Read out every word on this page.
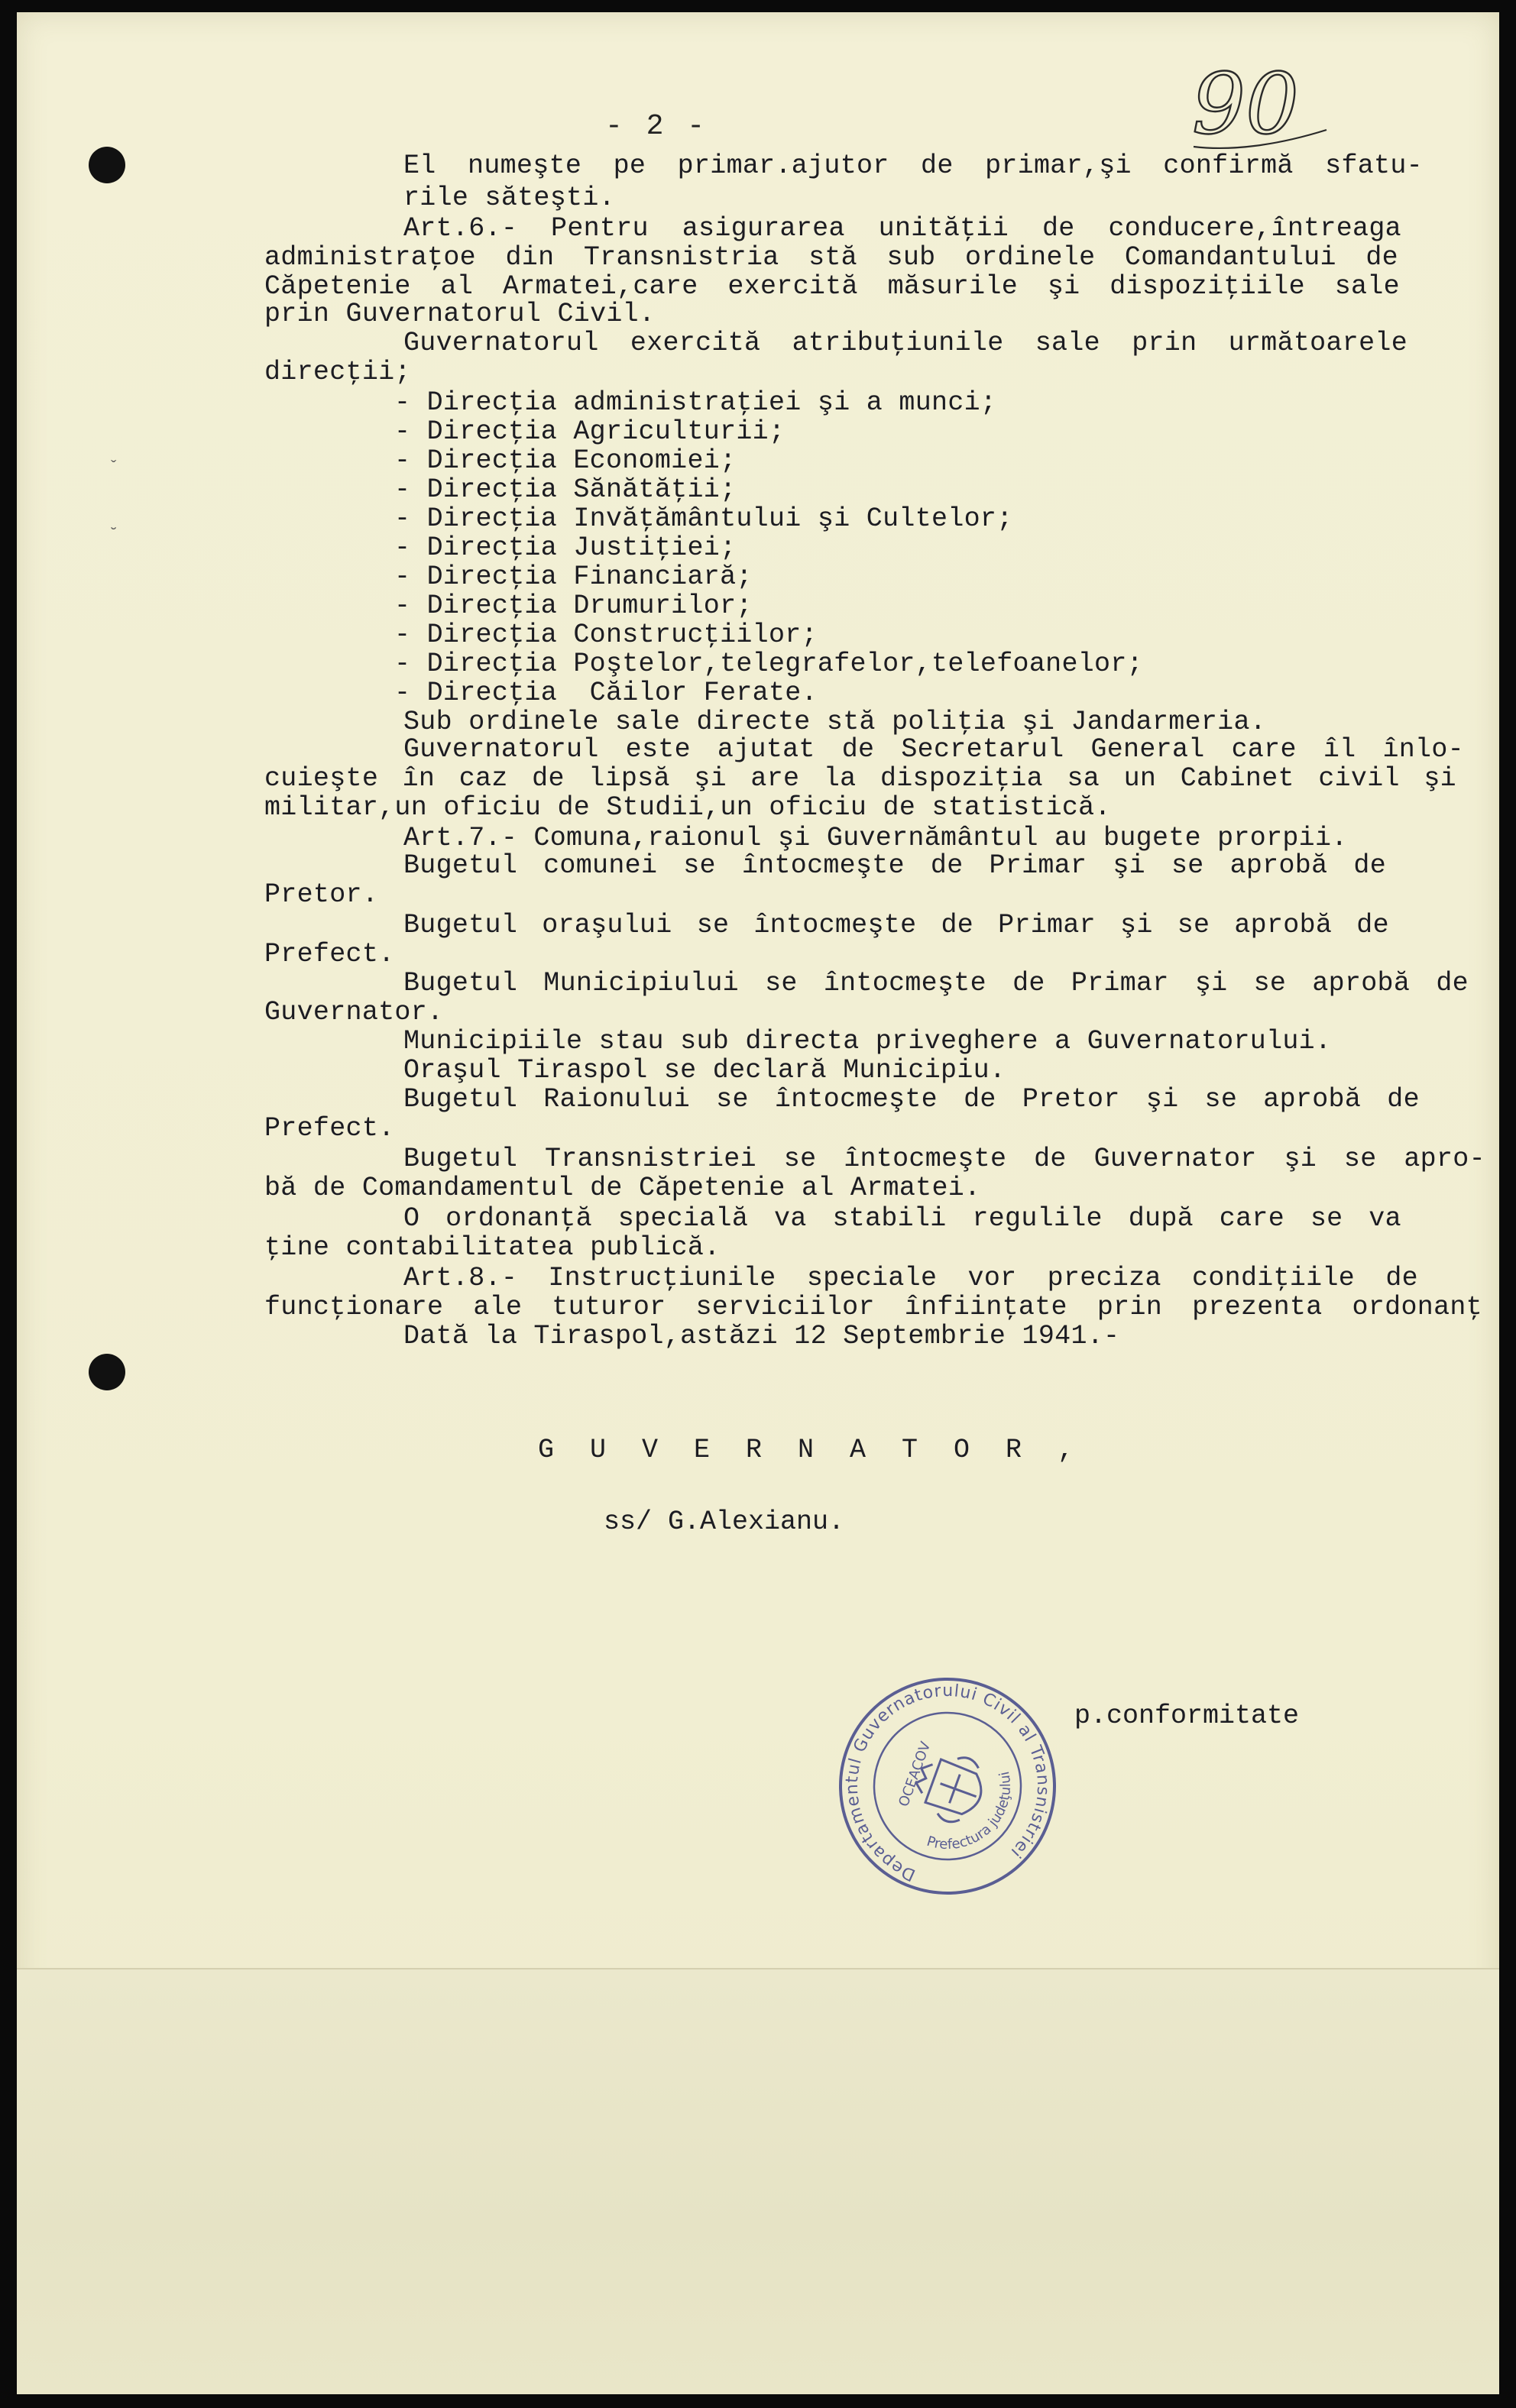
ˇ
˘
- 2 -	90
El numeşte pe primar.ajutor de primar,şi confirmă sfatu-
rile săteşti.
Art.6.- Pentru asigurarea unităţii de conducere,întreaga
administraţoe din Transnistria stă sub ordinele Comandantului de
Căpetenie al Armatei,care exercită măsurile şi dispoziţiile sale
prin Guvernatorul Civil.
Guvernatorul exercită atribuţiunile sale prin următoarele
direcţii;
- Direcţia administraţiei şi a munci;
- Direcţia Agriculturii;
- Direcţia Economiei;
- Direcţia Sănătăţii;
- Direcţia Invăţământului şi Cultelor;
- Direcţia Justiţiei;
- Direcţia Financiară;
- Direcţia Drumurilor;
- Direcţia Construcţiilor;
- Direcţia Poştelor,telegrafelor,telefoanelor;
- Direcţia  Căilor Ferate.
Sub ordinele sale directe stă poliţia şi Jandarmeria.
Guvernatorul este ajutat de Secretarul General care îl înlo-
cuieşte în caz de lipsă şi are la dispoziţia sa un Cabinet civil şi
militar,un oficiu de Studii,un oficiu de statistică.
Art.7.- Comuna,raionul şi Guvernământul au bugete prorpii.
Bugetul comunei se întocmeşte de Primar şi se aprobă de
Pretor.
Bugetul oraşului se întocmeşte de Primar şi se aprobă de
Prefect.
Bugetul Municipiului se întocmeşte de Primar şi se aprobă de
Guvernator.
Municipiile stau sub directa priveghere a Guvernatorului.
Oraşul Tiraspol se declară Municipiu.
Bugetul Raionului se întocmeşte de Pretor şi se aprobă de
Prefect.
Bugetul Transnistriei se întocmeşte de Guvernator şi se apro-
bă de Comandamentul de Căpetenie al Armatei.
O ordonanţă specială va stabili regulile după care se va
ţine contabilitatea publică.
Art.8.- Instrucţiunile speciale vor preciza condiţiile de
funcţionare ale tuturor serviciilor înfiinţate prin prezenta ordonanţ
Dată la Tiraspol,astăzi 12 Septembrie 1941.-
G U V E R N A T O R ,
ss/ G.Alexianu.
Departamentul Guvernatorului Civil al Transnistriei
Prefectura judeţului
OCEACOV
p.conformitate
